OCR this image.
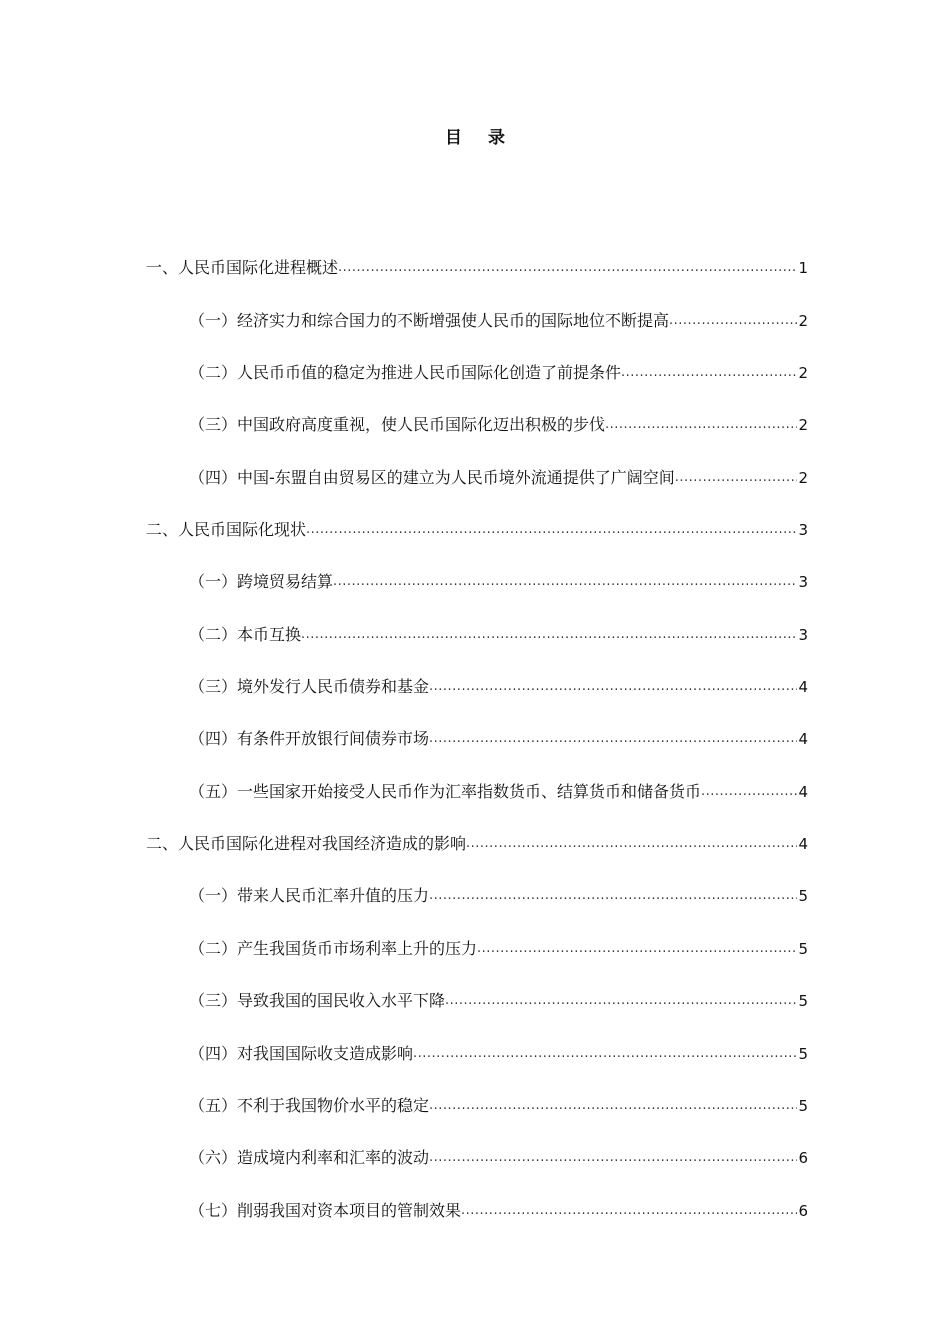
目 录
一、人民币国际化进程概述 .....	1
（一）经济实力和综合国力的不断增强使人民币的国际地位不断提高 .....	2
（二）人民币币值的稳定为推进人民币国际化创造了前提条件 .....	2
（三）中国政府高度重视，使人民币国际化迈出积极的步伐 .....	2
（四）中国-东盟自由贸易区的建立为人民币境外流通提供了广阔空间 .....	2
二、人民币国际化现状 .....	3
（一）跨境贸易结算 .....	3
（二）本币互换 .....	3
（三）境外发行人民币债券和基金 .....	4
（四）有条件开放银行间债券市场 .....	4
（五）一些国家开始接受人民币作为汇率指数货币、结算货币和储备货币 .....	4
二、人民币国际化进程对我国经济造成的影响 .....	4
（一）带来人民币汇率升值的压力 .....	5
（二）产生我国货币市场利率上升的压力 .....	5
（三）导致我国的国民收入水平下降 .....	5
（四）对我国国际收支造成影响 .....	5
（五）不利于我国物价水平的稳定 .....	5
（六）造成境内利率和汇率的波动 .....	6
（七）削弱我国对资本项目的管制效果 .....	6
